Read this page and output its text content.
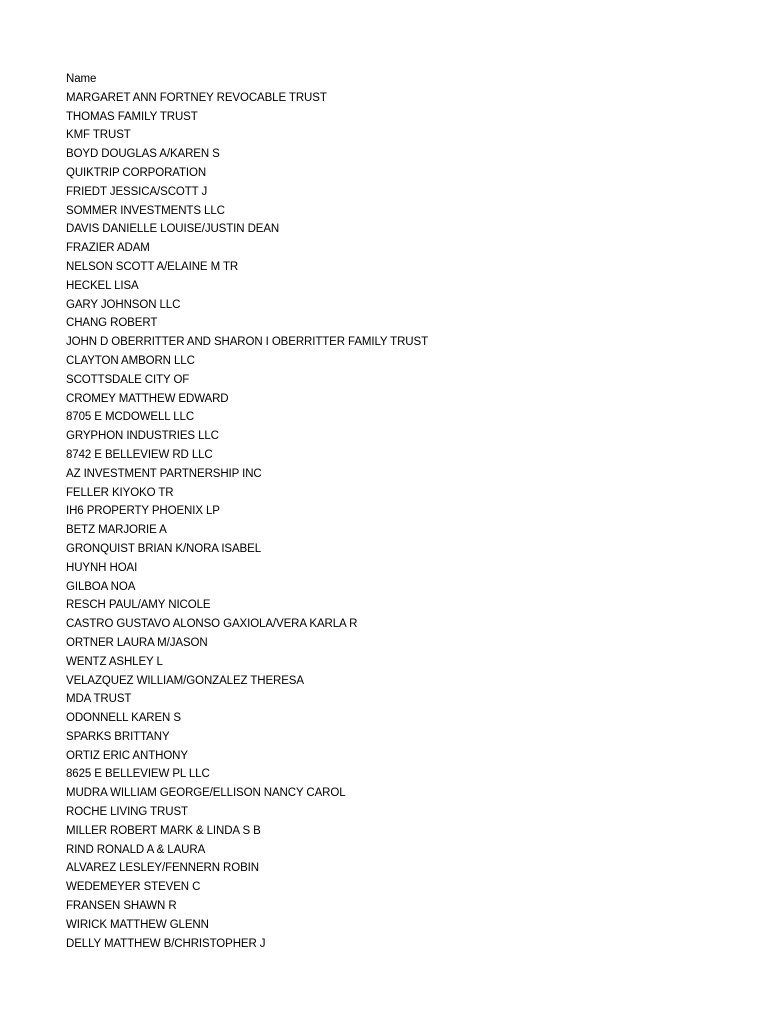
Name
MARGARET ANN FORTNEY REVOCABLE TRUST
THOMAS FAMILY TRUST
KMF TRUST
BOYD DOUGLAS A/KAREN S
QUIKTRIP CORPORATION
FRIEDT JESSICA/SCOTT J
SOMMER INVESTMENTS LLC
DAVIS DANIELLE LOUISE/JUSTIN DEAN
FRAZIER ADAM
NELSON SCOTT A/ELAINE M TR
HECKEL LISA
GARY JOHNSON LLC
CHANG ROBERT
JOHN D OBERRITTER AND SHARON I OBERRITTER FAMILY TRUST
CLAYTON AMBORN LLC
SCOTTSDALE CITY OF
CROMEY MATTHEW EDWARD
8705 E MCDOWELL LLC
GRYPHON INDUSTRIES LLC
8742 E BELLEVIEW RD LLC
AZ INVESTMENT PARTNERSHIP INC
FELLER KIYOKO TR
IH6 PROPERTY PHOENIX LP
BETZ MARJORIE A
GRONQUIST BRIAN K/NORA ISABEL
HUYNH HOAI
GILBOA NOA
RESCH PAUL/AMY NICOLE
CASTRO GUSTAVO ALONSO GAXIOLA/VERA KARLA R
ORTNER LAURA M/JASON
WENTZ ASHLEY L
VELAZQUEZ WILLIAM/GONZALEZ THERESA
MDA TRUST
ODONNELL KAREN S
SPARKS BRITTANY
ORTIZ ERIC ANTHONY
8625 E BELLEVIEW PL LLC
MUDRA WILLIAM GEORGE/ELLISON NANCY CAROL
ROCHE LIVING TRUST
MILLER ROBERT MARK & LINDA S B
RIND RONALD A & LAURA
ALVAREZ LESLEY/FENNERN ROBIN
WEDEMEYER STEVEN C
FRANSEN SHAWN R
WIRICK MATTHEW GLENN
DELLY MATTHEW B/CHRISTOPHER J
